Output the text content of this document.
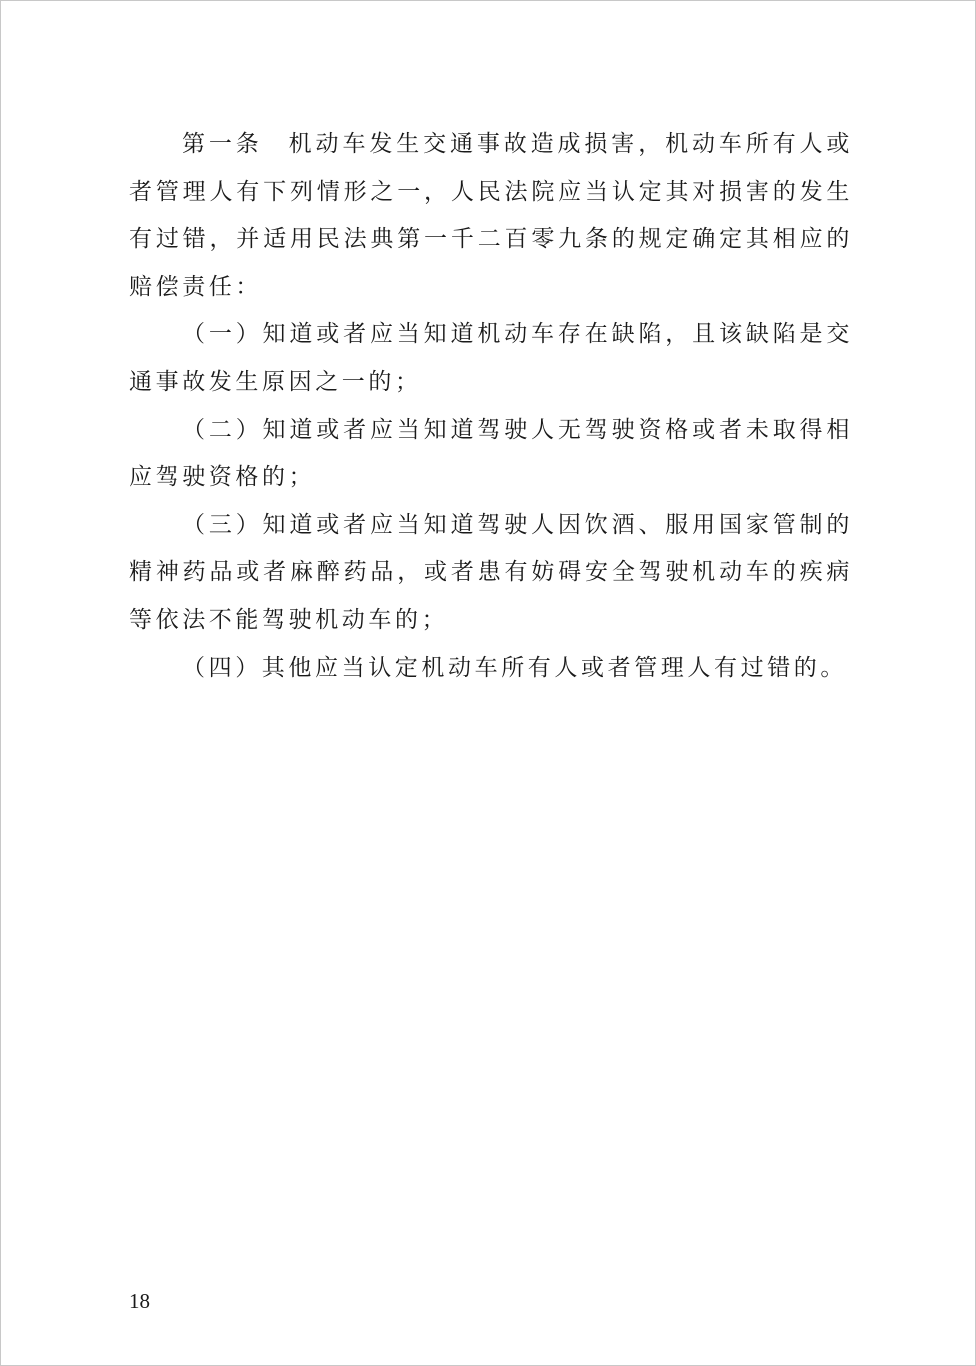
第一条 机动车发生交通事故造成损害，机动车所有人或者管理人有下列情形之一，人民法院应当认定其对损害的发生有过错，并适用民法典第一千二百零九条的规定确定其相应的赔偿责任：

（一）知道或者应当知道机动车存在缺陷，且该缺陷是交通事故发生原因之一的；

（二）知道或者应当知道驾驶人无驾驶资格或者未取得相应驾驶资格的；

（三）知道或者应当知道驾驶人因饮酒、服用国家管制的精神药品或者麻醉药品，或者患有妨碍安全驾驶机动车的疾病等依法不能驾驶机动车的；

（四）其他应当认定机动车所有人或者管理人有过错的。

18
